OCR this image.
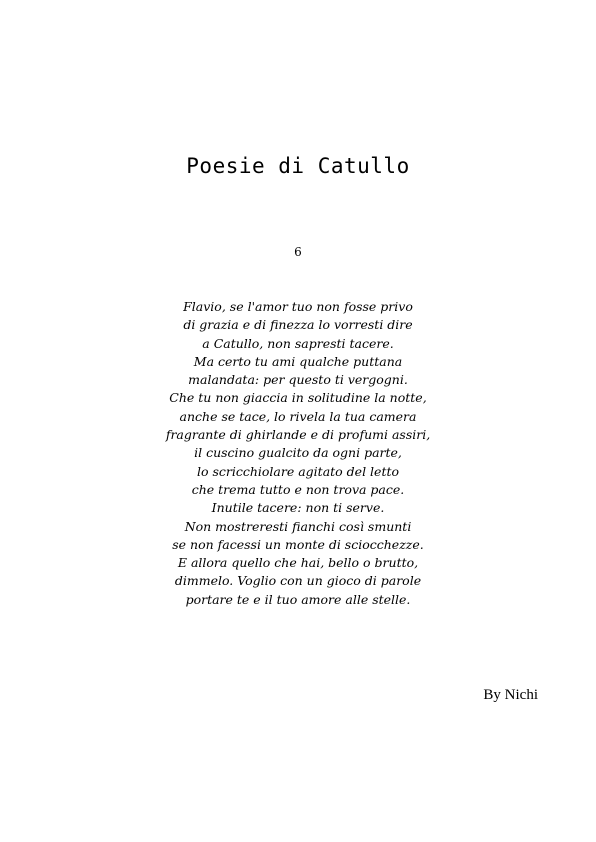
Poesie di Catullo
6
Flavio, se l'amor tuo non fosse privo
di grazia e di finezza lo vorresti dire
a Catullo, non sapresti tacere.
Ma certo tu ami qualche puttana
malandata: per questo ti vergogni.
Che tu non giaccia in solitudine la notte,
anche se tace, lo rivela la tua camera
fragrante di ghirlande e di profumi assiri,
il cuscino gualcito da ogni parte,
lo scricchiolare agitato del letto
che trema tutto e non trova pace.
Inutile tacere: non ti serve.
Non mostreresti fianchi così smunti
se non facessi un monte di sciocchezze.
E allora quello che hai, bello o brutto,
dimmelo. Voglio con un gioco di parole
portare te e il tuo amore alle stelle.
By Nichi
